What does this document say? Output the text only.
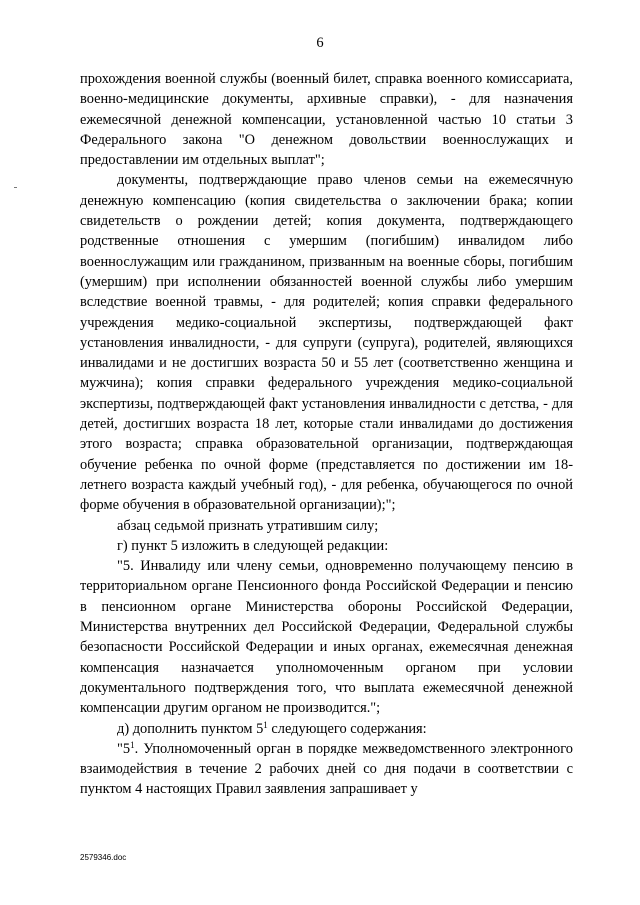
6

прохождения военной службы (военный билет, справка военного комиссариата, военно-медицинские документы, архивные справки), - для назначения ежемесячной денежной компенсации, установленной частью 10 статьи 3 Федерального закона "О денежном довольствии военнослужащих и предоставлении им отдельных выплат";

документы, подтверждающие право членов семьи на ежемесячную денежную компенсацию (копия свидетельства о заключении брака; копии свидетельств о рождении детей; копия документа, подтверждающего родственные отношения с умершим (погибшим) инвалидом либо военнослужащим или гражданином, призванным на военные сборы, погибшим (умершим) при исполнении обязанностей военной службы либо умершим вследствие военной травмы, - для родителей; копия справки федерального учреждения медико-социальной экспертизы, подтверждающей факт установления инвалидности, - для супруги (супруга), родителей, являющихся инвалидами и не достигших возраста 50 и 55 лет (соответственно женщина и мужчина); копия справки федерального учреждения медико-социальной экспертизы, подтверждающей факт установления инвалидности с детства, - для детей, достигших возраста 18 лет, которые стали инвалидами до достижения этого возраста; справка образовательной организации, подтверждающая обучение ребенка по очной форме (представляется по достижении им 18-летнего возраста каждый учебный год), - для ребенка, обучающегося по очной форме обучения в образовательной организации);";

абзац седьмой признать утратившим силу;

г) пункт 5 изложить в следующей редакции:

"5. Инвалиду или члену семьи, одновременно получающему пенсию в территориальном органе Пенсионного фонда Российской Федерации и пенсию в пенсионном органе Министерства обороны Российской Федерации, Министерства внутренних дел Российской Федерации, Федеральной службы безопасности Российской Федерации и иных органах, ежемесячная денежная компенсация назначается уполномоченным органом при условии документального подтверждения того, что выплата ежемесячной денежной компенсации другим органом не производится.";

д) дополнить пунктом $5^1$ следующего содержания:

"$5^1$. Уполномоченный орган в порядке межведомственного электронного взаимодействия в течение 2 рабочих дней со дня подачи в соответствии с пунктом 4 настоящих Правил заявления запрашивает у

2579346.doc
